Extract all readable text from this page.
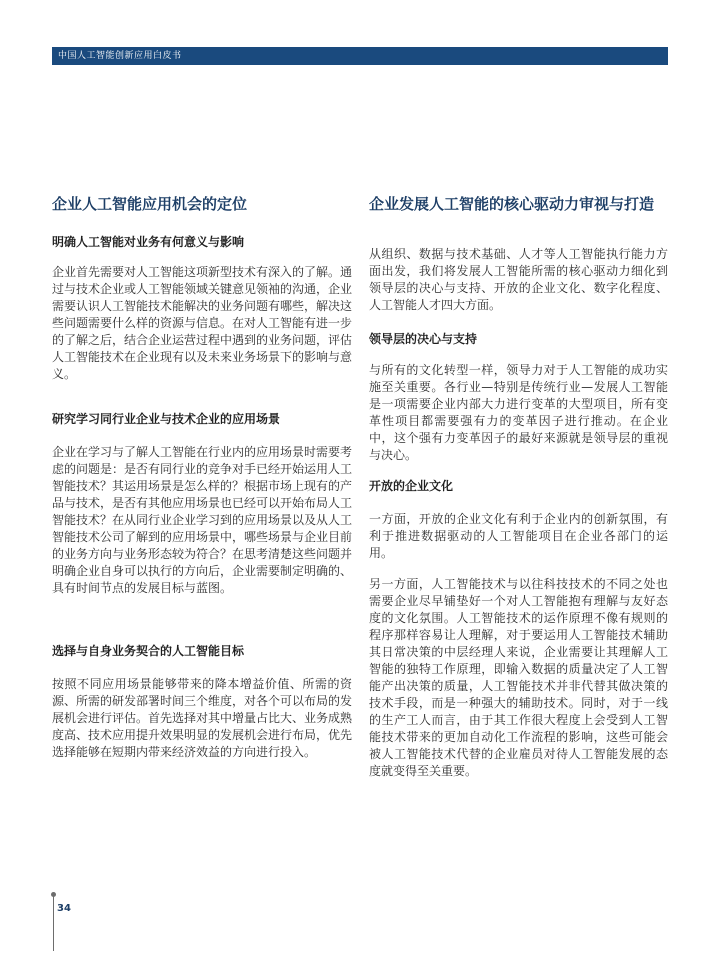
中国人工智能创新应用白皮书
企业人工智能应用机会的定位
明确人工智能对业务有何意义与影响

企业首先需要对人工智能这项新型技术有深入的了解。通过与技术企业或人工智能领域关键意见领袖的沟通，企业需要认识人工智能技术能解决的业务问题有哪些，解决这些问题需要什么样的资源与信息。在对人工智能有进一步的了解之后，结合企业运营过程中遇到的业务问题，评估人工智能技术在企业现有以及未来业务场景下的影响与意义。

研究学习同行业企业与技术企业的应用场景

企业在学习与了解人工智能在行业内的应用场景时需要考虑的问题是：是否有同行业的竞争对手已经开始运用人工智能技术？其运用场景是怎么样的？根据市场上现有的产品与技术，是否有其他应用场景也已经可以开始布局人工智能技术？在从同行业企业学习到的应用场景以及从人工智能技术公司了解到的应用场景中，哪些场景与企业目前的业务方向与业务形态较为符合？在思考清楚这些问题并明确企业自身可以执行的方向后，企业需要制定明确的、具有时间节点的发展目标与蓝图。

选择与自身业务契合的人工智能目标

按照不同应用场景能够带来的降本增益价值、所需的资源、所需的研发部署时间三个维度，对各个可以布局的发展机会进行评估。首先选择对其中增量占比大、业务成熟度高、技术应用提升效果明显的发展机会进行布局，优先选择能够在短期内带来经济效益的方向进行投入。

企业发展人工智能的核心驱动力审视与打造

从组织、数据与技术基础、人才等人工智能执行能力方面出发，我们将发展人工智能所需的核心驱动力细化到领导层的决心与支持、开放的企业文化、数字化程度、人工智能人才四大方面。

领导层的决心与支持

与所有的文化转型一样，领导力对于人工智能的成功实施至关重要。各行业—特别是传统行业—发展人工智能是一项需要企业内部大力进行变革的大型项目，所有变革性项目都需要强有力的变革因子进行推动。在企业中，这个强有力变革因子的最好来源就是领导层的重视与决心。

开放的企业文化

一方面，开放的企业文化有利于企业内的创新氛围，有利于推进数据驱动的人工智能项目在企业各部门的运用。

另一方面，人工智能技术与以往科技技术的不同之处也需要企业尽早铺垫好一个对人工智能抱有理解与友好态度的文化氛围。人工智能技术的运作原理不像有规则的程序那样容易让人理解，对于要运用人工智能技术辅助其日常决策的中层经理人来说，企业需要让其理解人工智能的独特工作原理，即输入数据的质量决定了人工智能产出决策的质量，人工智能技术并非代替其做决策的技术手段，而是一种强大的辅助技术。同时，对于一线的生产工人而言，由于其工作很大程度上会受到人工智能技术带来的更加自动化工作流程的影响，这些可能会被人工智能技术代替的企业雇员对待人工智能发展的态度就变得至关重要。

34
